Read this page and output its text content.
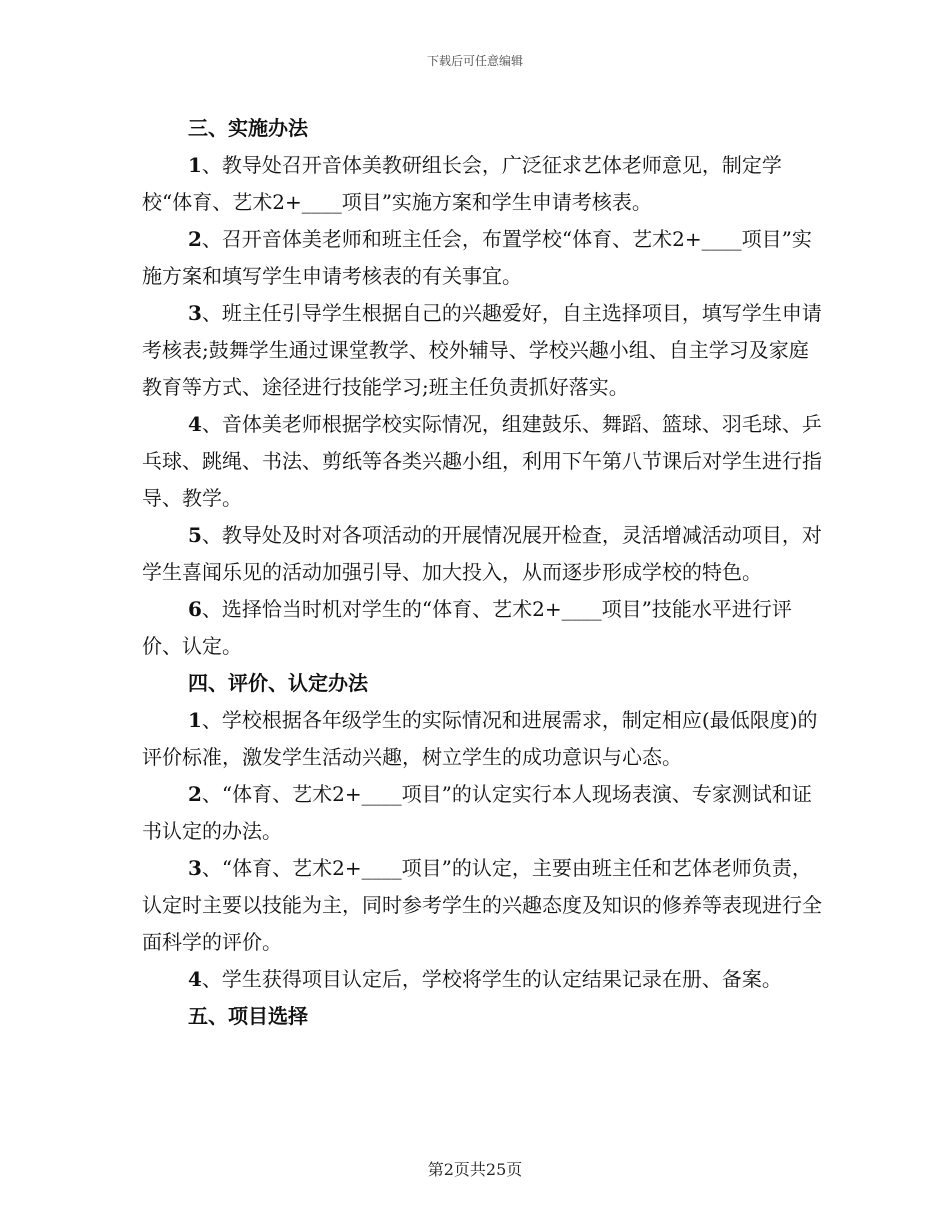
下载后可任意编辑
三、实施办法

1、教导处召开音体美教研组长会，广泛征求艺体老师意见，制定学校“体育、艺术2+____项目”实施方案和学生申请考核表。

2、召开音体美老师和班主任会，布置学校“体育、艺术2+____项目”实施方案和填写学生申请考核表的有关事宜。

3、班主任引导学生根据自己的兴趣爱好，自主选择项目，填写学生申请考核表;鼓舞学生通过课堂教学、校外辅导、学校兴趣小组、自主学习及家庭教育等方式、途径进行技能学习;班主任负责抓好落实。

4、音体美老师根据学校实际情况，组建鼓乐、舞蹈、篮球、羽毛球、乒乓球、跳绳、书法、剪纸等各类兴趣小组，利用下午第八节课后对学生进行指导、教学。

5、教导处及时对各项活动的开展情况展开检查，灵活增减活动项目，对学生喜闻乐见的活动加强引导、加大投入，从而逐步形成学校的特色。

6、选择恰当时机对学生的“体育、艺术2+____项目”技能水平进行评价、认定。

四、评价、认定办法

1、学校根据各年级学生的实际情况和进展需求，制定相应(最低限度)的评价标准，激发学生活动兴趣，树立学生的成功意识与心态。

2、“体育、艺术2+____项目”的认定实行本人现场表演、专家测试和证书认定的办法。

3、“体育、艺术2+____项目”的认定，主要由班主任和艺体老师负责，认定时主要以技能为主，同时参考学生的兴趣态度及知识的修养等表现进行全面科学的评价。

4、学生获得项目认定后，学校将学生的认定结果记录在册、备案。

五、项目选择
第2页共25页
